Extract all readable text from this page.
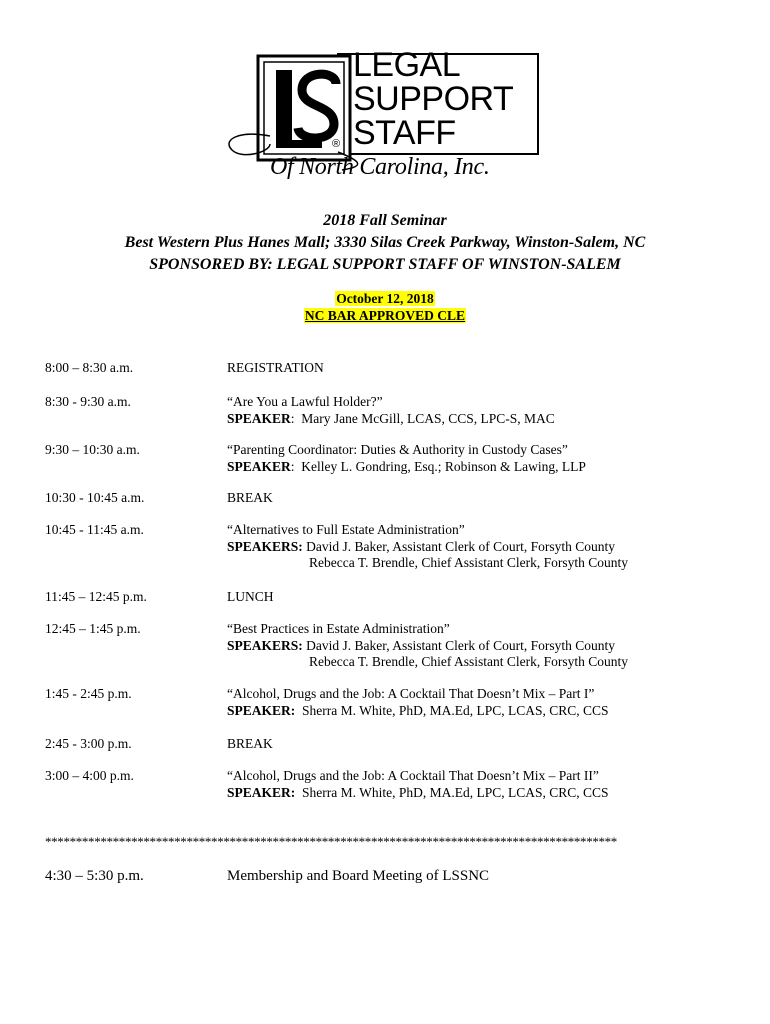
LEGAL
SUPPORT
STAFF
®
Of North Carolina, Inc.
2018 Fall Seminar
Best Western Plus Hanes Mall; 3330 Silas Creek Parkway, Winston-Salem, NC
SPONSORED BY: LEGAL SUPPORT STAFF OF WINSTON-SALEM
October 12, 2018
NC BAR APPROVED CLE
8:00 – 8:30 a.m.	REGISTRATION
8:30 - 9:30 a.m.	“Are You a Lawful Holder?”
SPEAKER:  Mary Jane McGill, LCAS, CCS, LPC-S, MAC
9:30 – 10:30 a.m.	“Parenting Coordinator: Duties & Authority in Custody Cases”
SPEAKER:  Kelley L. Gondring, Esq.; Robinson & Lawing, LLP
10:30 - 10:45 a.m.	BREAK
10:45 - 11:45 a.m.	“Alternatives to Full Estate Administration”
SPEAKERS: David J. Baker, Assistant Clerk of Court, Forsyth County
Rebecca T. Brendle, Chief Assistant Clerk, Forsyth County
11:45 – 12:45 p.m.	LUNCH
12:45 – 1:45 p.m.	“Best Practices in Estate Administration”
SPEAKERS: David J. Baker, Assistant Clerk of Court, Forsyth County
Rebecca T. Brendle, Chief Assistant Clerk, Forsyth County
1:45 - 2:45 p.m.	“Alcohol, Drugs and the Job: A Cocktail That Doesn’t Mix – Part I”
SPEAKER: Sherra M. White, PhD, MA.Ed, LPC, LCAS, CRC, CCS
2:45 - 3:00 p.m.	BREAK
3:00 – 4:00 p.m.	“Alcohol, Drugs and the Job: A Cocktail That Doesn’t Mix – Part II”
SPEAKER: Sherra M. White, PhD, MA.Ed, LPC, LCAS, CRC, CCS
*********************************************************************************************
4:30 – 5:30 p.m.	Membership and Board Meeting of LSSNC
